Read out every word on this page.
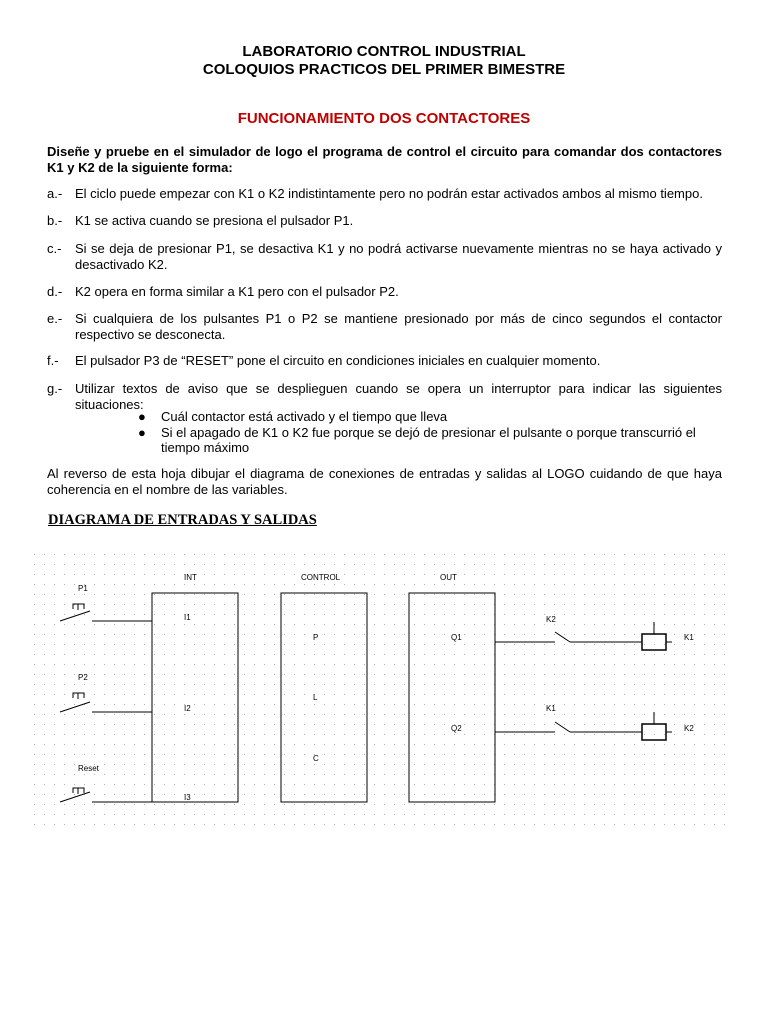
LABORATORIO CONTROL INDUSTRIAL
COLOQUIOS PRACTICOS DEL PRIMER BIMESTRE
FUNCIONAMIENTO DOS CONTACTORES
Diseñe y pruebe en el simulador de logo el programa de control el circuito para comandar dos contactores K1 y K2 de la siguiente forma:
a.- El ciclo puede empezar con K1 o K2 indistintamente pero no podrán estar activados ambos al mismo tiempo.
b.- K1 se activa cuando se presiona el pulsador P1.
c.- Si se deja de presionar P1, se desactiva K1 y no podrá activarse nuevamente mientras no se haya activado y desactivado K2.
d.- K2 opera en forma similar a K1 pero con el pulsador P2.
e.- Si cualquiera de los pulsantes P1 o P2 se mantiene presionado por más de cinco segundos el contactor respectivo se desconecta.
f.- El pulsador P3 de “RESET” pone el circuito en condiciones iniciales en cualquier momento.
g.- Utilizar textos de aviso que se desplieguen cuando se opera un interruptor para indicar las siguientes situaciones:
● Cuál contactor está activado y el tiempo que lleva
● Si el apagado de K1 o K2 fue porque se dejó de presionar el pulsante o porque transcurrió el tiempo máximo
Al reverso de esta hoja dibujar el diagrama de conexiones de entradas y salidas al LOGO cuidando de que haya coherencia en el nombre de las variables.
DIAGRAMA DE ENTRADAS Y SALIDAS
INT	CONTROL	OUT
P1
I1
P2
I2
Reset
I3
P
L
C
Q1
K2
K1
Q2
K1
K2
